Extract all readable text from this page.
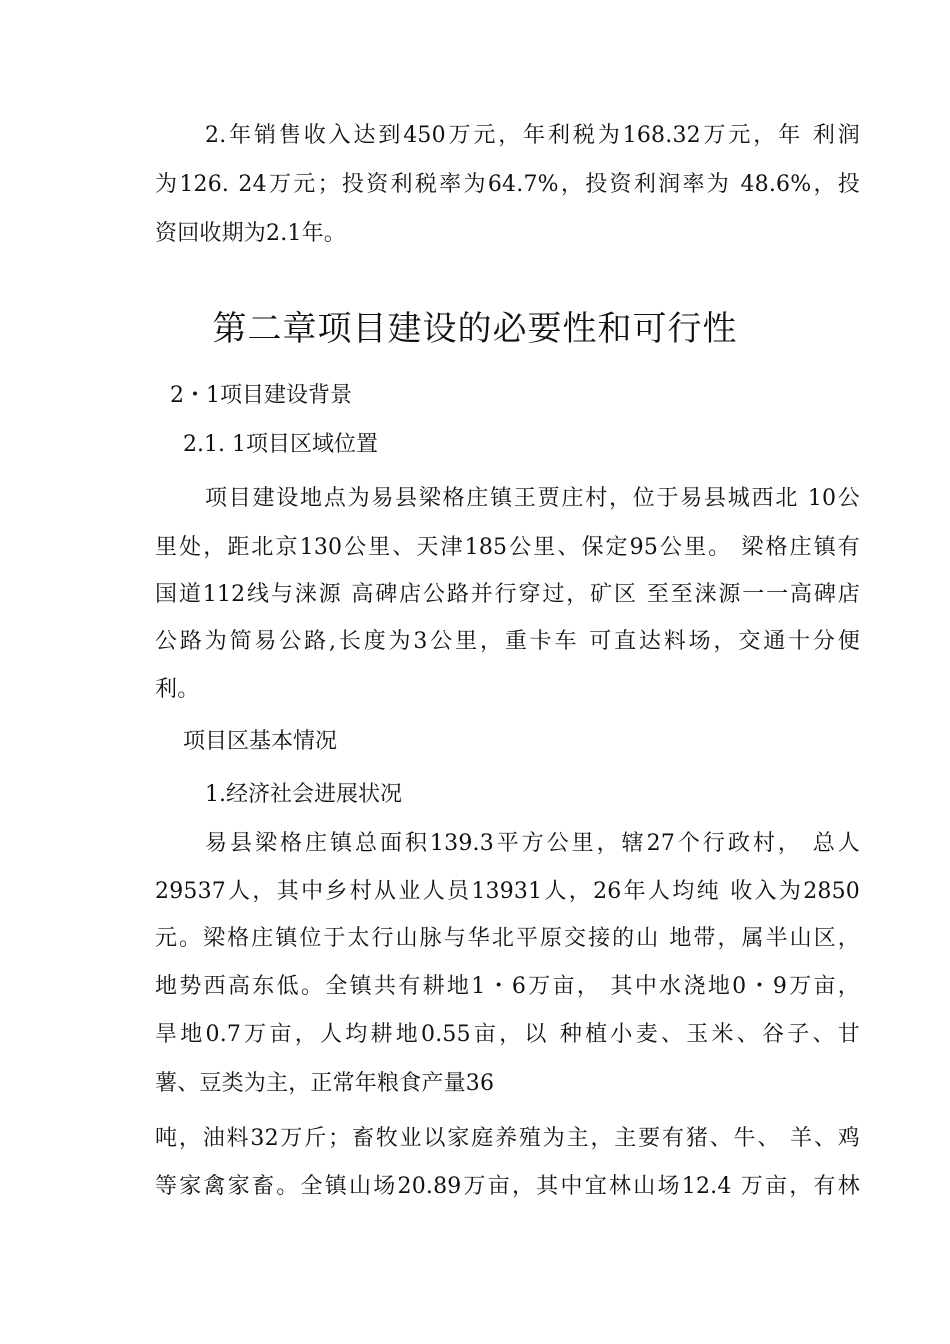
2.年销售收入达到450万元，年利税为168.32万元，年 利润
为126. 24万元；投资利税率为64.7%，投资利润率为 48.6%，投
资回收期为2.1年。
第二章项目建设的必要性和可行性
2・1项目建设背景
2.1. 1项目区域位置
项目建设地点为易县梁格庄镇王贾庄村，位于易县城西北 10公
里处，距北京130公里、天津185公里、保定95公里。 梁格庄镇有
国道112线与涞源 高碑店公路并行穿过，矿区 至至涞源一一高碑店
公路为简易公路,长度为3公里，重卡车 可直达料场，交通十分便
利。
项目区基本情况
1.经济社会进展状况
易县梁格庄镇总面积139.3平方公里，辖27个行政村， 总人
29537人，其中乡村从业人员13931人，26年人均纯 收入为2850
元。梁格庄镇位于太行山脉与华北平原交接的山 地带，属半山区，
地势西高东低。全镇共有耕地1・6万亩， 其中水浇地0・9万亩，
旱地0.7万亩，人均耕地0.55亩，以 种植小麦、玉米、谷子、甘
薯、豆类为主，正常年粮食产量36
吨，油料32万斤；畜牧业以家庭养殖为主，主要有猪、牛、 羊、鸡
等家禽家畜。全镇山场20.89万亩，其中宜林山场12.4 万亩，有林
